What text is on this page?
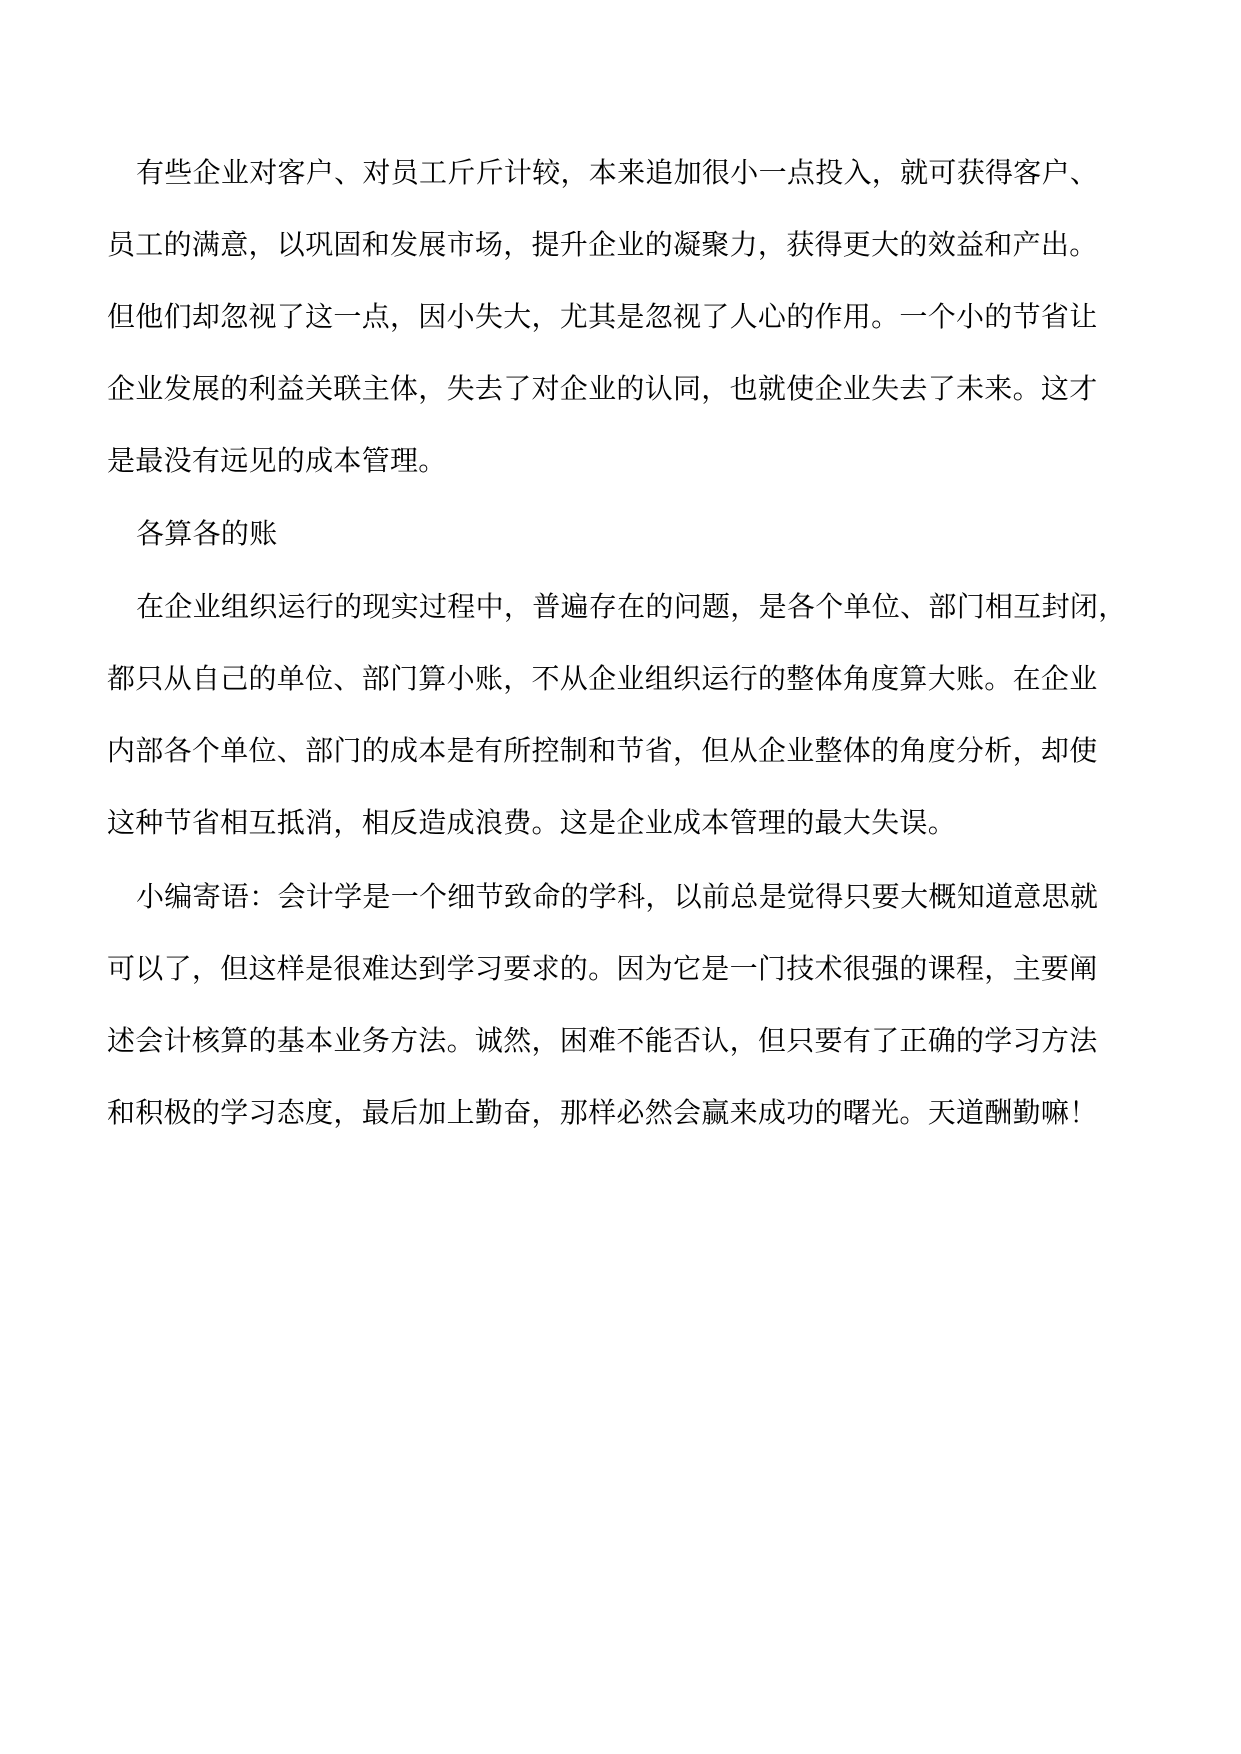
有些企业对客户、对员工斤斤计较，本来追加很小一点投入，就可获得客户、
员工的满意，以巩固和发展市场，提升企业的凝聚力，获得更大的效益和产出。
但他们却忽视了这一点，因小失大，尤其是忽视了人心的作用。一个小的节省让
企业发展的利益关联主体，失去了对企业的认同，也就使企业失去了未来。这才
是最没有远见的成本管理。
各算各的账
在企业组织运行的现实过程中，普遍存在的问题，是各个单位、部门相互封闭，
都只从自己的单位、部门算小账，不从企业组织运行的整体角度算大账。在企业
内部各个单位、部门的成本是有所控制和节省，但从企业整体的角度分析，却使
这种节省相互抵消，相反造成浪费。这是企业成本管理的最大失误。
小编寄语：会计学是一个细节致命的学科，以前总是觉得只要大概知道意思就
可以了，但这样是很难达到学习要求的。因为它是一门技术很强的课程，主要阐
述会计核算的基本业务方法。诚然，困难不能否认，但只要有了正确的学习方法
和积极的学习态度，最后加上勤奋，那样必然会赢来成功的曙光。天道酬勤嘛！
